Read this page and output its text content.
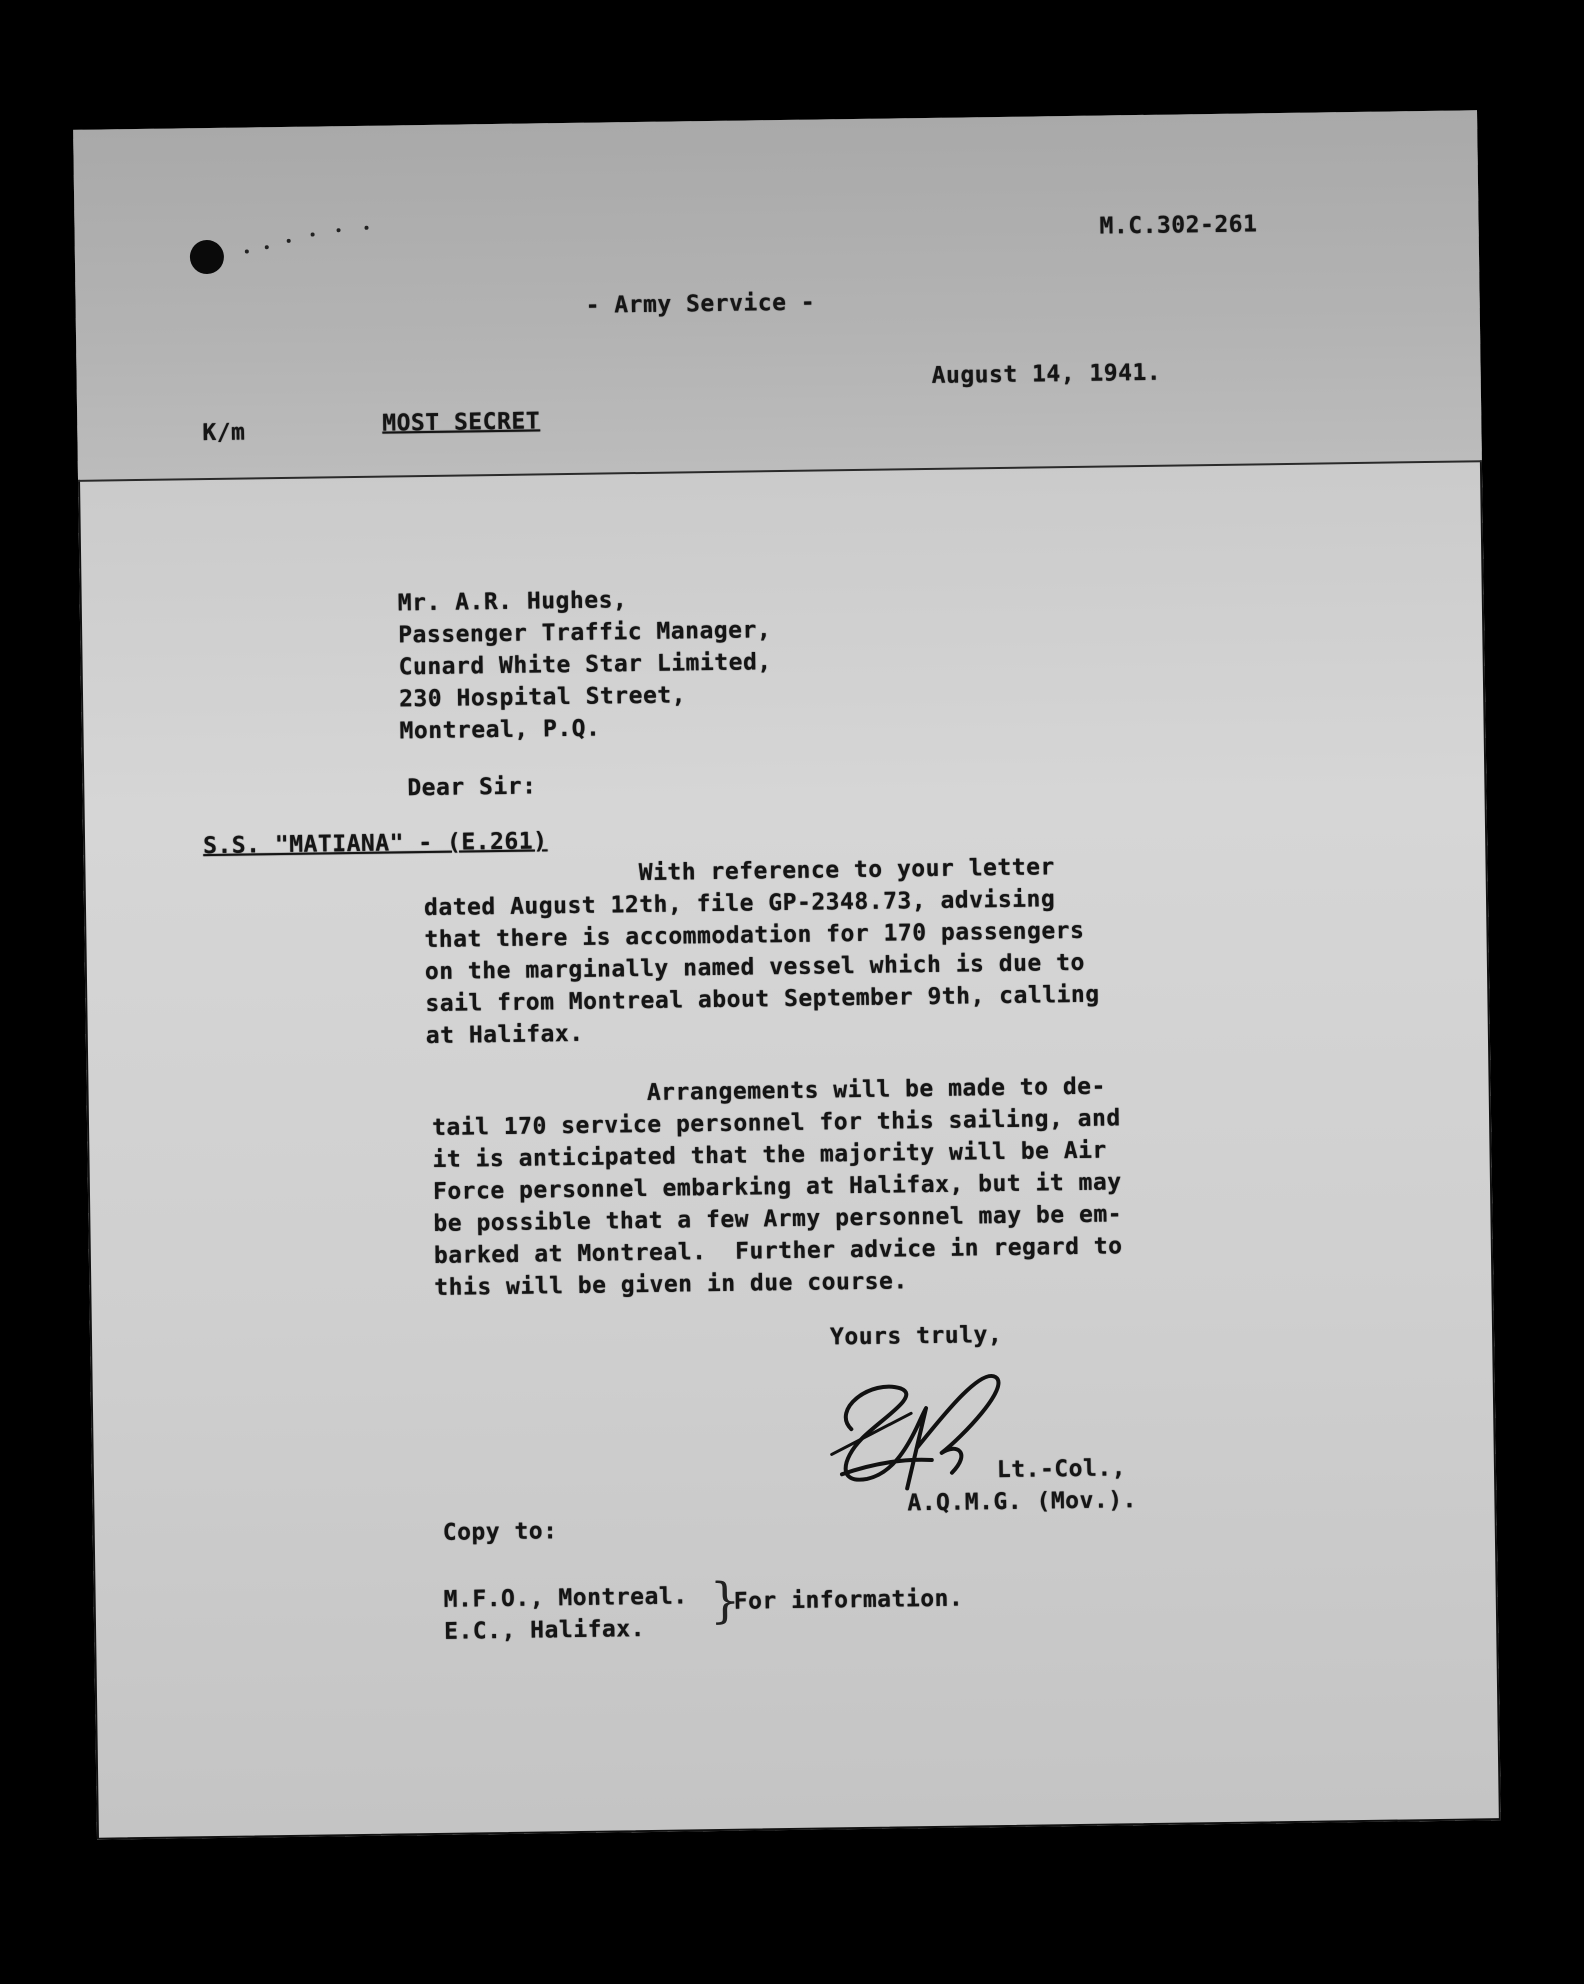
M.C.302-261
- Army Service -
August 14, 1941.
K/m	MOST SECRET
Mr. A.R. Hughes,
Passenger Traffic Manager,
Cunard White Star Limited,
230 Hospital Street,
Montreal, P.Q.
Dear Sir:
S.S. "MATIANA" - (E.261)
With reference to your letter
dated August 12th, file GP-2348.73, advising
that there is accommodation for 170 passengers
on the marginally named vessel which is due to
sail from Montreal about September 9th, calling
at Halifax.
Arrangements will be made to de-
tail 170 service personnel for this sailing, and
it is anticipated that the majority will be Air
Force personnel embarking at Halifax, but it may
be possible that a few Army personnel may be em-
barked at Montreal.  Further advice in regard to
this will be given in due course.
Yours truly,
Lt.-Col.,
A.Q.M.G. (Mov.).
Copy to:
M.F.O., Montreal.
E.C., Halifax.
}
For information.
